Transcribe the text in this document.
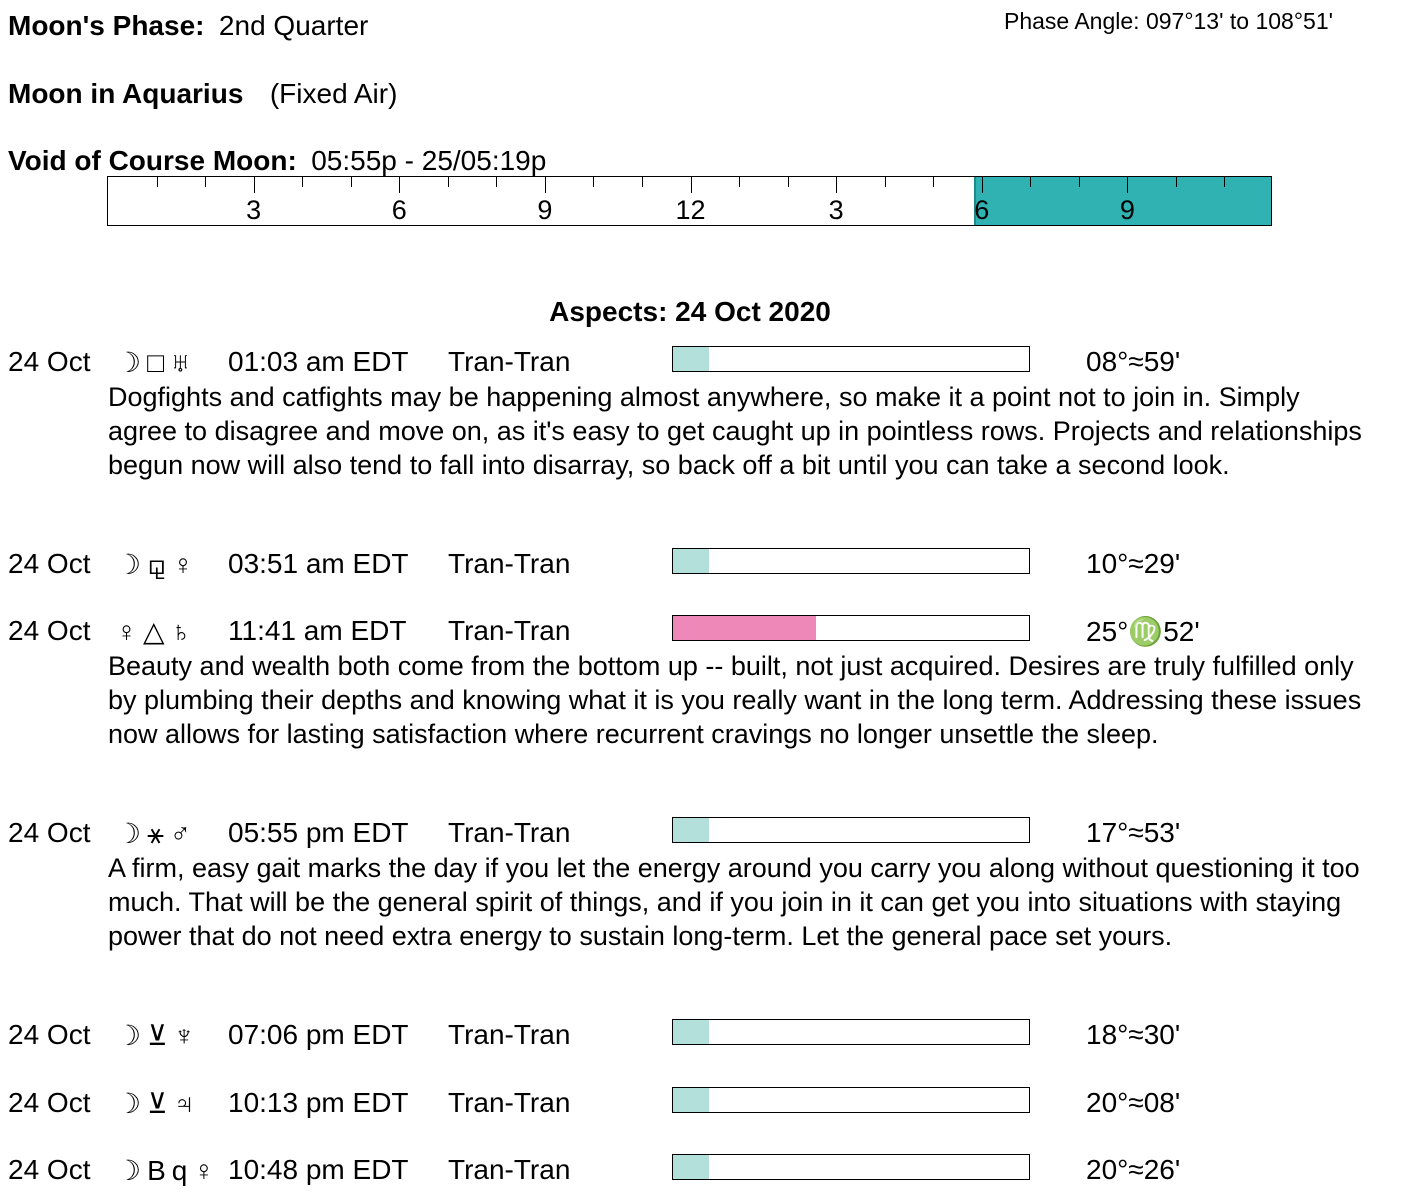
Moon's Phase: 2nd Quarter	Phase Angle: 097°13' to 108°51'
Moon in Aquarius (Fixed Air)
Void of Course Moon: 05:55p - 25/05:19p
3	6	9	12	3	6	9
Aspects: 24 Oct 2020
24 Oct ☽□♅ 01:03 am EDT Tran-Tran	08°≈59'
Dogfights and catfights may be happening almost anywhere, so make it a point not to join in. Simply agree to disagree and move on, as it's easy to get caught up in pointless rows. Projects and relationships begun now will also tend to fall into disarray, so back off a bit until you can take a second look.
24 Oct ☽⚼♀ 03:51 am EDT Tran-Tran	10°≈29'
24 Oct ♀△♄ 11:41 am EDT Tran-Tran	25°♍52'
Beauty and wealth both come from the bottom up -- built, not just acquired. Desires are truly fulfilled only by plumbing their depths and knowing what it is you really want in the long term. Addressing these issues now allows for lasting satisfaction where recurrent cravings no longer unsettle the sleep.
24 Oct ☽⚹♂ 05:55 pm EDT Tran-Tran	17°≈53'
A firm, easy gait marks the day if you let the energy around you carry you along without questioning it too much. That will be the general spirit of things, and if you join in it can get you into situations with staying power that do not need extra energy to sustain long-term. Let the general pace set yours.
24 Oct ☽⊻♆ 07:06 pm EDT Tran-Tran	18°≈30'
24 Oct ☽⊻♃ 10:13 pm EDT Tran-Tran	20°≈08'
24 Oct ☽Bq♀ 10:48 pm EDT Tran-Tran	20°≈26'
